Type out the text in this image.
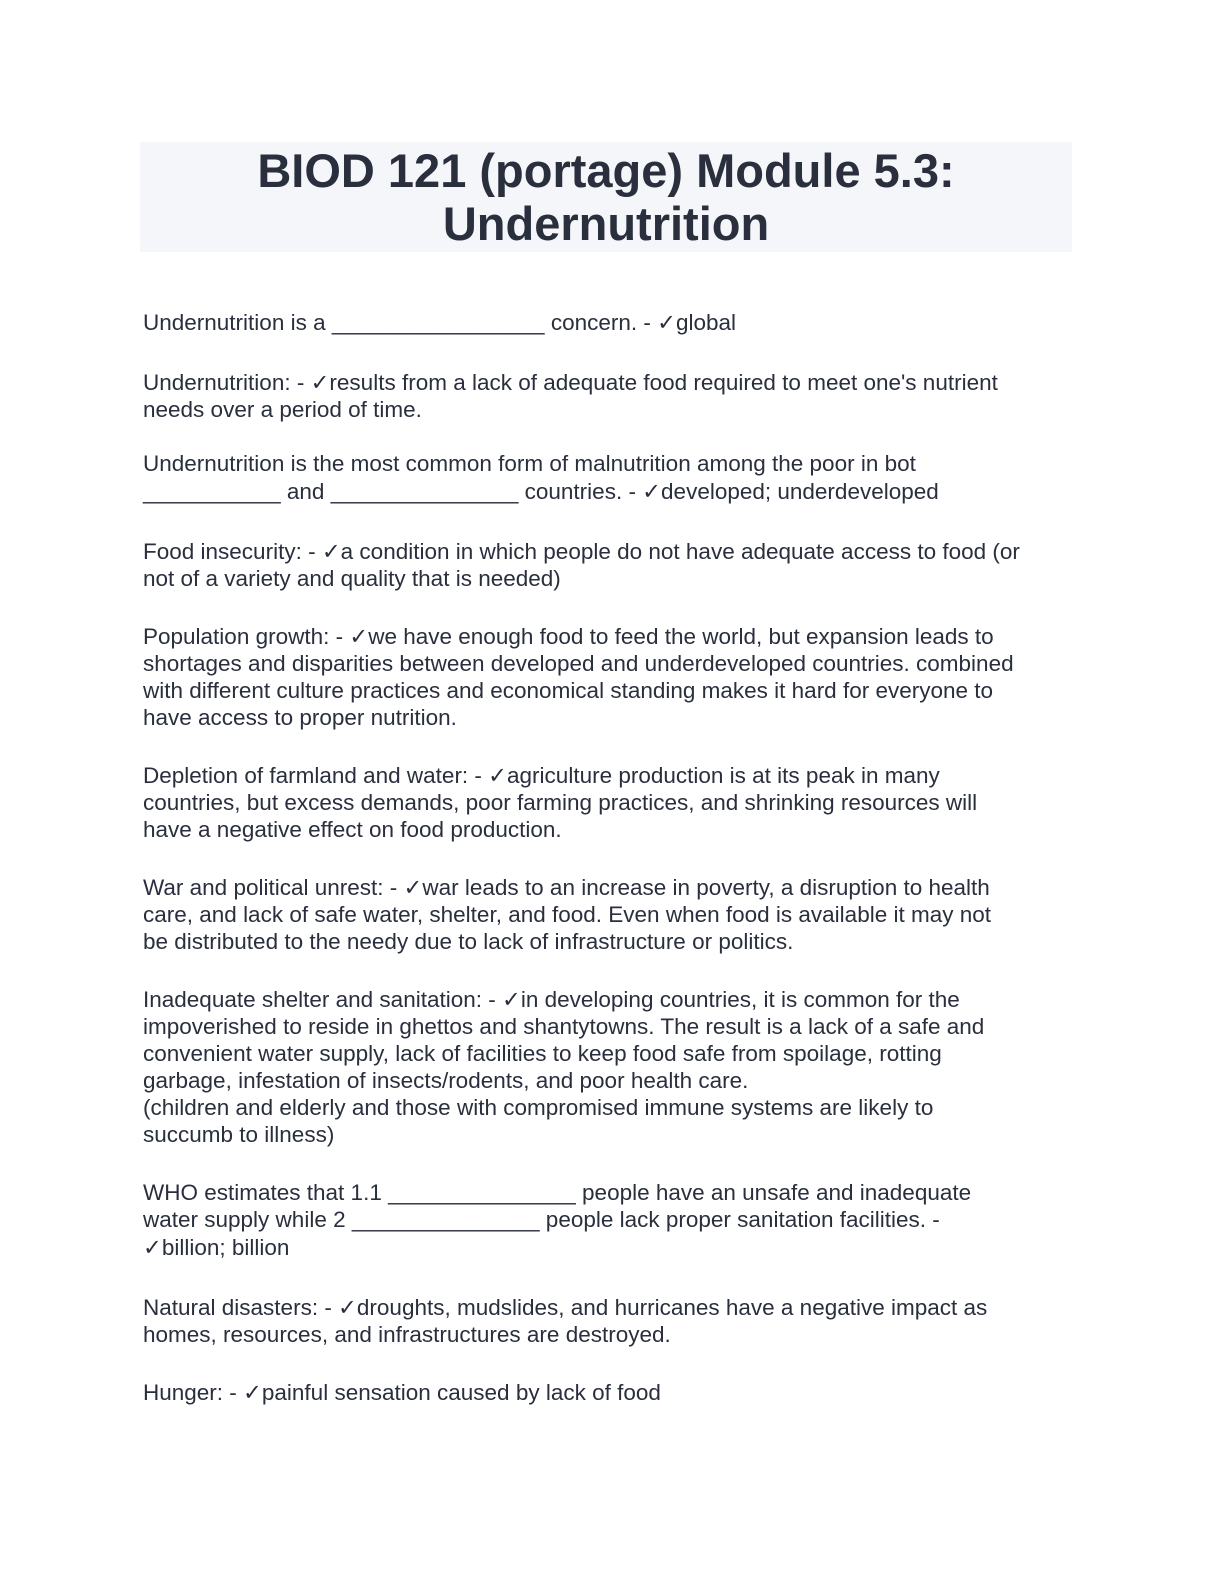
BIOD 121 (portage) Module 5.3:
Undernutrition
Undernutrition is a _________________ concern. - ✓global
Undernutrition: - ✓results from a lack of adequate food required to meet one's nutrient
needs over a period of time.
Undernutrition is the most common form of malnutrition among the poor in bot
___________ and _______________ countries. - ✓developed; underdeveloped
Food insecurity: - ✓a condition in which people do not have adequate access to food (or
not of a variety and quality that is needed)
Population growth: - ✓we have enough food to feed the world, but expansion leads to
shortages and disparities between developed and underdeveloped countries. combined
with different culture practices and economical standing makes it hard for everyone to
have access to proper nutrition.
Depletion of farmland and water: - ✓agriculture production is at its peak in many
countries, but excess demands, poor farming practices, and shrinking resources will
have a negative effect on food production.
War and political unrest: - ✓war leads to an increase in poverty, a disruption to health
care, and lack of safe water, shelter, and food. Even when food is available it may not
be distributed to the needy due to lack of infrastructure or politics.
Inadequate shelter and sanitation: - ✓in developing countries, it is common for the
impoverished to reside in ghettos and shantytowns. The result is a lack of a safe and
convenient water supply, lack of facilities to keep food safe from spoilage, rotting
garbage, infestation of insects/rodents, and poor health care.
(children and elderly and those with compromised immune systems are likely to
succumb to illness)
WHO estimates that 1.1 _______________ people have an unsafe and inadequate
water supply while 2 _______________ people lack proper sanitation facilities. -
✓billion; billion
Natural disasters: - ✓droughts, mudslides, and hurricanes have a negative impact as
homes, resources, and infrastructures are destroyed.
Hunger: - ✓painful sensation caused by lack of food
